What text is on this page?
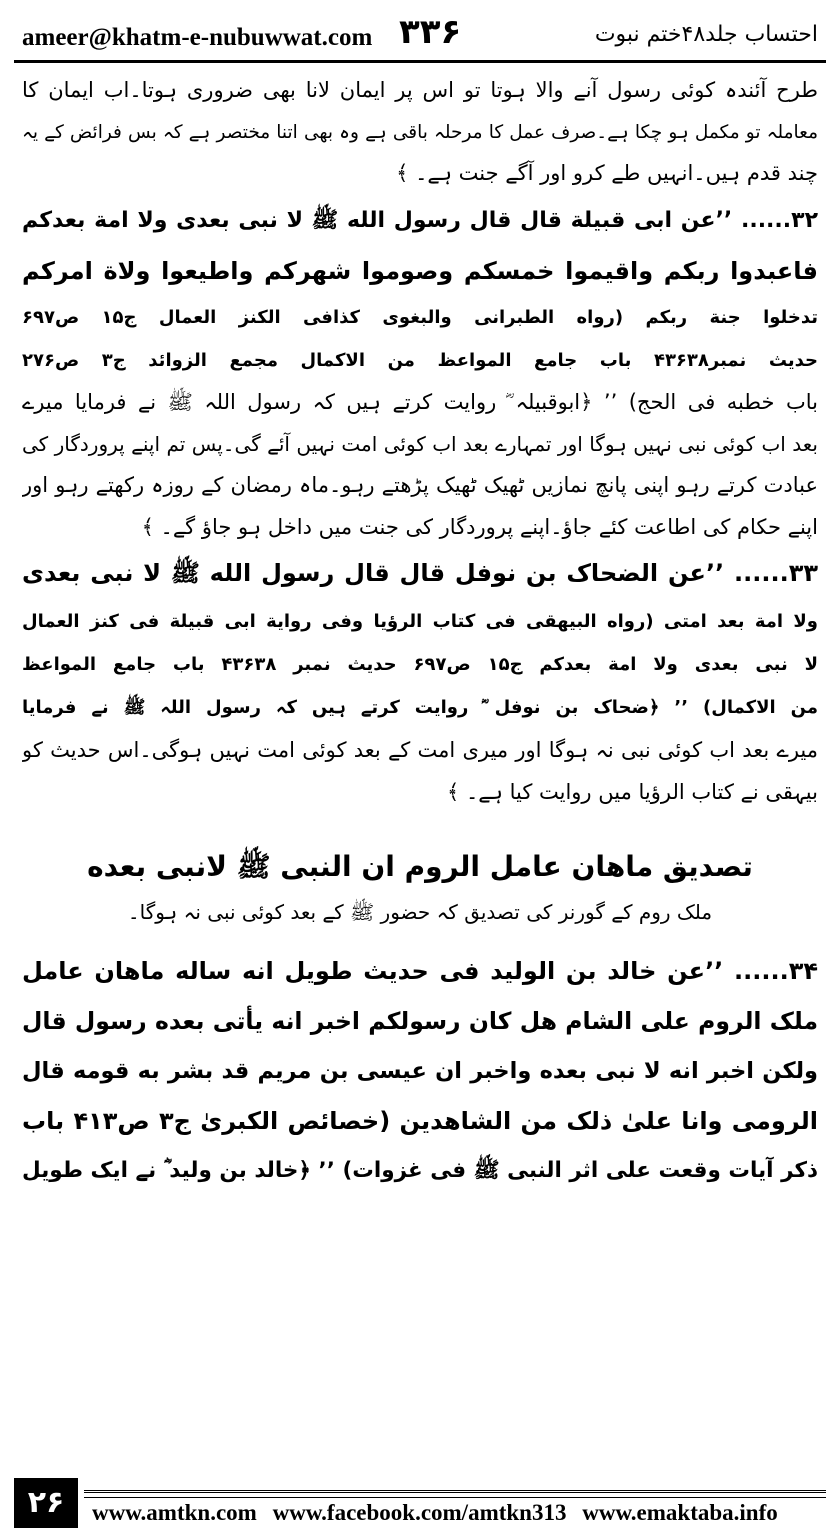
ameer@khatm-e-nubuwwat.com ۳۳۶	احتساب جلد۴۸ختم نبوت
طرح آئندہ کوئی رسول آنے والا ہوتا تو اس پر ایمان لانا بھی ضروری ہوتا۔اب ایمان کا
معاملہ تو مکمل ہو چکا ہے۔صرف عمل کا مرحلہ باقی ہے وہ بھی اتنا مختصر ہے کہ بس فرائض کے یہ
چند قدم ہیں۔انہیں طے کرو اور آگے جنت ہے۔ ﴾
۳۲...... ’’عن ابی قبیلة قال قال رسول الله ﷺ لا نبی بعدی ولا امة بعدکم
فاعبدوا ربکم واقیموا خمسکم وصوموا شهرکم واطیعوا ولاة امرکم
تدخلوا جنة ربکم (رواه الطبرانی والبغوی کذافی الکنز العمال ج۱۵ ص۶۹۷
حدیث نمبر۴۳۶۳۸ باب جامع المواعظ من الاکمال مجمع الزوائد ج۳ ص۲۷۶
باب خطبه فی الحج) ’’ ﴿ابوقبیلہ ؓ روایت کرتے ہیں کہ رسول اللہ ﷺ نے فرمایا میرے
بعد اب کوئی نبی نہیں ہوگا اور تمہارے بعد اب کوئی امت نہیں آئے گی۔پس تم اپنے پروردگار کی
عبادت کرتے رہو اپنی پانچ نمازیں ٹھیک ٹھیک پڑھتے رہو۔ماہ رمضان کے روزہ رکھتے رہو اور
اپنے حکام کی اطاعت کئے جاؤ۔اپنے پروردگار کی جنت میں داخل ہو جاؤ گے۔ ﴾
۳۳...... ’’عن الضحاک بن نوفل قال قال رسول الله ﷺ لا نبی بعدی
ولا امة بعد امتی (رواه البیهقی فی کتاب الرؤیا وفی روایة ابی قبیلة فی کنز العمال
لا نبی بعدی ولا امة بعدکم ج۱۵ ص۶۹۷ حدیث نمبر ۴۳۶۳۸ باب جامع المواعظ
من الاکمال) ’’ ﴿ضحاک بن نوفل ؓ روایت کرتے ہیں کہ رسول اللہ ﷺ نے فرمایا
میرے بعد اب کوئی نبی نہ ہوگا اور میری امت کے بعد کوئی امت نہیں ہوگی۔اس حدیث کو
بیہقی نے کتاب الرؤیا میں روایت کیا ہے۔ ﴾
تصدیق ماهان عامل الروم ان النبی ﷺ لانبی بعده
ملک روم کے گورنر کی تصدیق کہ حضور ﷺ کے بعد کوئی نبی نہ ہوگا۔
۳۴...... ’’عن خالد بن الولید فی حدیث طویل انه ساله ماهان عامل
ملک الروم علی الشام هل کان رسولکم اخبر انه یأتی بعده رسول قال
ولکن اخبر انه لا نبی بعده واخبر ان عیسی بن مریم قد بشر به قومه قال
الرومی وانا علیٰ ذلک من الشاهدین (خصائص الکبریٰ ج۳ ص۴۱۳ باب
ذکر آیات وقعت علی اثر النبی ﷺ فی غزوات) ’’ ﴿خالد بن ولید ؓ نے ایک طویل
۲۶	www.amtkn.com www.facebook.com/amtkn313 www.emaktaba.info
